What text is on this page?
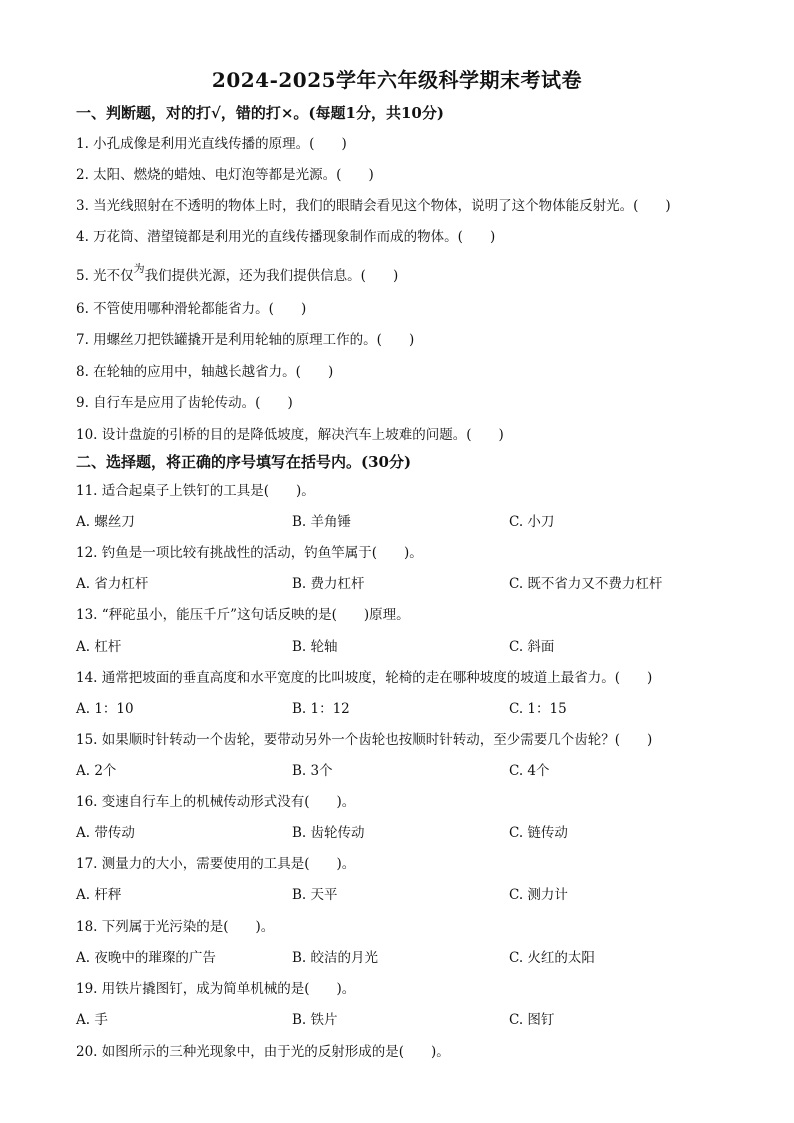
2024-2025学年六年级科学期末考试卷
一、判断题，对的打√，错的打×。(每题1分，共10分)
1. 小孔成像是利用光直线传播的原理。(　　)
2. 太阳、燃烧的蜡烛、电灯泡等都是光源。(　　)
3. 当光线照射在不透明的物体上时，我们的眼睛会看见这个物体，说明了这个物体能反射光。(　　)
4. 万花筒、潜望镜都是利用光的直线传播现象制作而成的物体。(　　)
5. 光不仅$^为$我们提供光源，还为我们提供信息。(　　)
6. 不管使用哪种滑轮都能省力。(　　)
7. 用螺丝刀把铁罐撬开是利用轮轴的原理工作的。(　　)
8. 在轮轴的应用中，轴越长越省力。(　　)
9. 自行车是应用了齿轮传动。(　　)
10. 设计盘旋的引桥的目的是降低坡度，解决汽车上坡难的问题。(　　)
二、选择题，将正确的序号填写在括号内。(30分)
11. 适合起桌子上铁钉的工具是(　　)。
A. 螺丝刀	B. 羊角锤	C. 小刀
12. 钓鱼是一项比较有挑战性的活动，钓鱼竿属于(　　)。
A. 省力杠杆	B. 费力杠杆	C. 既不省力又不费力杠杆
13. “秤砣虽小，能压千斤”这句话反映的是(　　)原理。
A. 杠杆	B. 轮轴	C. 斜面
14. 通常把坡面的垂直高度和水平宽度的比叫坡度，轮椅的走在哪种坡度的坡道上最省力。(　　)
A. 1：10	B. 1：12	C. 1：15
15. 如果顺时针转动一个齿轮，要带动另外一个齿轮也按顺时针转动，至少需要几个齿轮？(　　)
A. 2个	B. 3个	C. 4个
16. 变速自行车上的机械传动形式没有(　　)。
A. 带传动	B. 齿轮传动	C. 链传动
17. 测量力的大小，需要使用的工具是(　　)。
A. 杆秤	B. 天平	C. 测力计
18. 下列属于光污染的是(　　)。
A. 夜晚中的璀璨的广告	B. 皎洁的月光	C. 火红的太阳
19. 用铁片撬图钉，成为简单机械的是(　　)。
A. 手	B. 铁片	C. 图钉
20. 如图所示的三种光现象中，由于光的反射形成的是(　　)。
